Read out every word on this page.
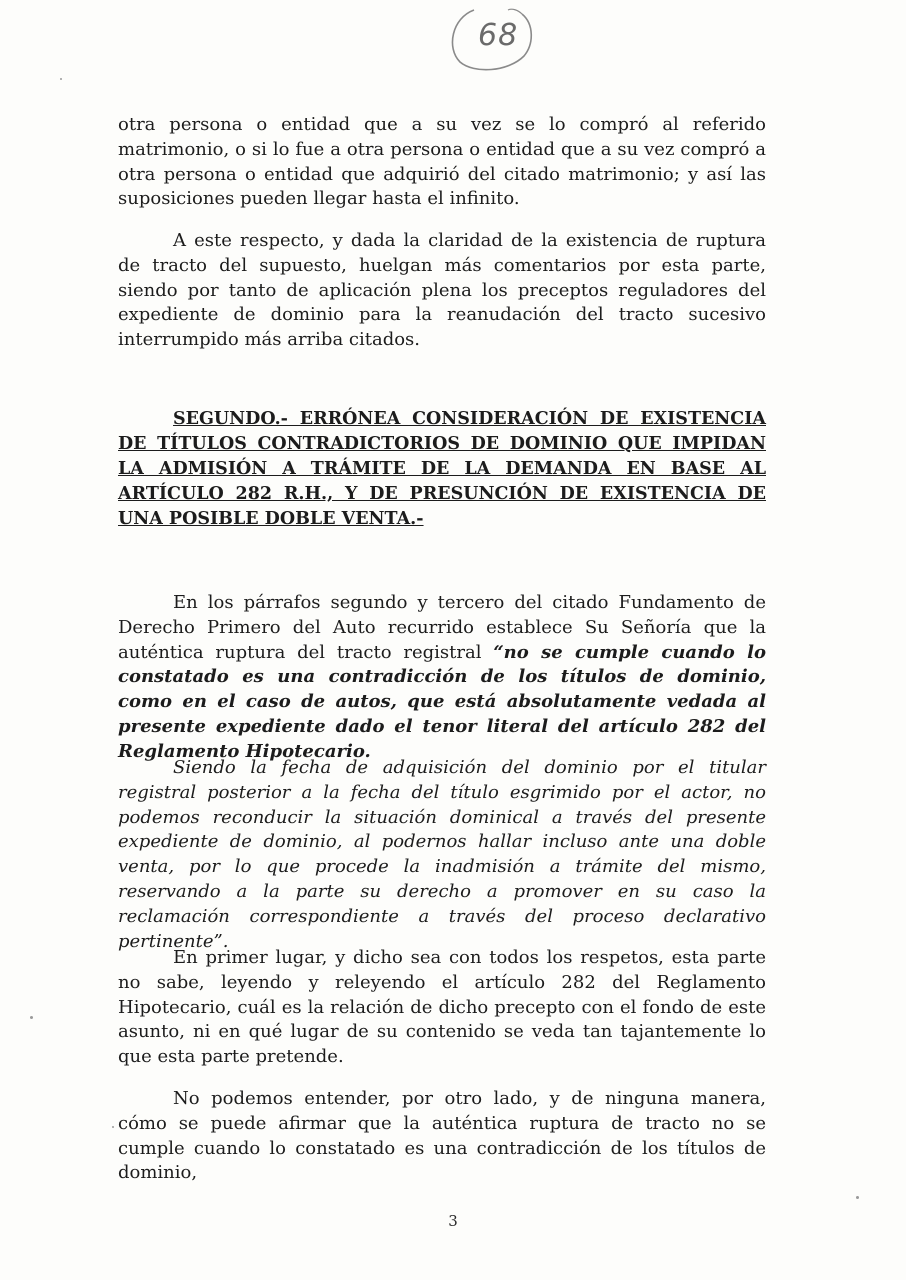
68

otra persona o entidad que a su vez se lo compró al referido matrimonio, o si lo fue a otra persona o entidad que a su vez compró a otra persona o entidad que adquirió del citado matrimonio; y así las suposiciones pueden llegar hasta el infinito.

A este respecto, y dada la claridad de la existencia de ruptura de tracto del supuesto, huelgan más comentarios por esta parte, siendo por tanto de aplicación plena los preceptos reguladores del expediente de dominio para la reanudación del tracto sucesivo interrumpido más arriba citados.

SEGUNDO.- ERRÓNEA CONSIDERACIÓN DE EXISTENCIA DE TÍTULOS CONTRADICTORIOS DE DOMINIO QUE IMPIDAN LA ADMISIÓN A TRÁMITE DE LA DEMANDA EN BASE AL ARTÍCULO 282 R.H., Y DE PRESUNCIÓN DE EXISTENCIA DE UNA POSIBLE DOBLE VENTA.-

En los párrafos segundo y tercero del citado Fundamento de Derecho Primero del Auto recurrido establece Su Señoría que la auténtica ruptura del tracto registral “no se cumple cuando lo constatado es una contradicción de los títulos de dominio, como en el caso de autos, que está absolutamente vedada al presente expediente dado el tenor literal del artículo 282 del Reglamento Hipotecario.

Siendo la fecha de adquisición del dominio por el titular registral posterior a la fecha del título esgrimido por el actor, no podemos reconducir la situación dominical a través del presente expediente de dominio, al podernos hallar incluso ante una doble venta, por lo que procede la inadmisión a trámite del mismo, reservando a la parte su derecho a promover en su caso la reclamación correspondiente a través del proceso declarativo pertinente”.

En primer lugar, y dicho sea con todos los respetos, esta parte no sabe, leyendo y releyendo el artículo 282 del Reglamento Hipotecario, cuál es la relación de dicho precepto con el fondo de este asunto, ni en qué lugar de su contenido se veda tan tajantemente lo que esta parte pretende.

No podemos entender, por otro lado, y de ninguna manera, cómo se puede afirmar que la auténtica ruptura de tracto no se cumple cuando lo constatado es una contradicción de los títulos de dominio,

3
